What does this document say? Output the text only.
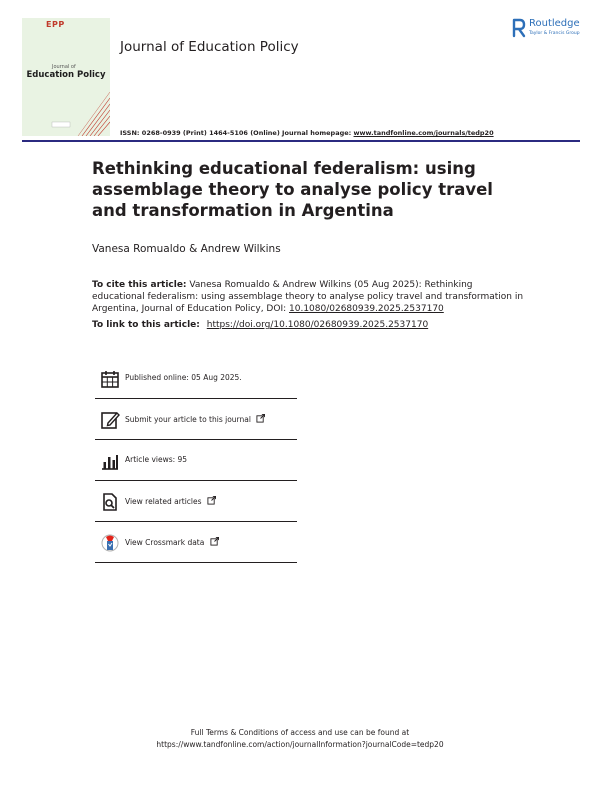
EPP
Journal of
Education Policy
Journal of Education Policy
Routledge
Taylor & Francis Group
ISSN: 0268-0939 (Print) 1464-5106 (Online) Journal homepage: www.tandfonline.com/journals/tedp20
Rethinking educational federalism: using assemblage theory to analyse policy travel and transformation in Argentina
Vanesa Romualdo & Andrew Wilkins
To cite this article: Vanesa Romualdo & Andrew Wilkins (05 Aug 2025): Rethinking educational federalism: using assemblage theory to analyse policy travel and transformation in Argentina, Journal of Education Policy, DOI: 10.1080/02680939.2025.2537170
To link to this article: https://doi.org/10.1080/02680939.2025.2537170
Published online: 05 Aug 2025.
Submit your article to this journal
Article views: 95
View related articles
View Crossmark data
Full Terms & Conditions of access and use can be found at
https://www.tandfonline.com/action/journalInformation?journalCode=tedp20
